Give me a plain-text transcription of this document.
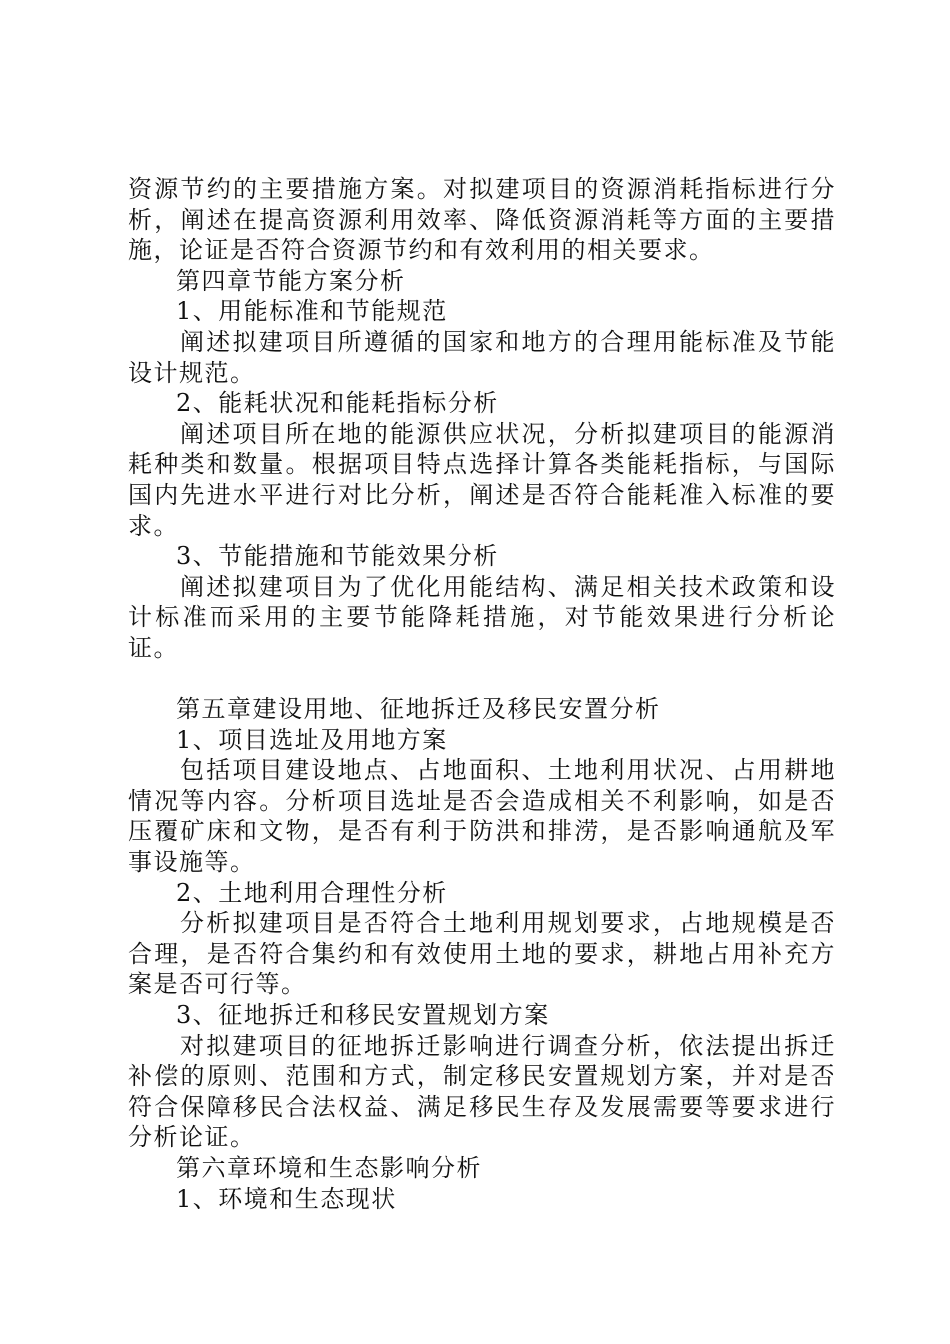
资源节约的主要措施方案。对拟建项目的资源消耗指标进行分析，阐述在提高资源利用效率、降低资源消耗等方面的主要措施，论证是否符合资源节约和有效利用的相关要求。

第四章节能方案分析

1、用能标准和节能规范

阐述拟建项目所遵循的国家和地方的合理用能标准及节能设计规范。

2、能耗状况和能耗指标分析

阐述项目所在地的能源供应状况，分析拟建项目的能源消耗种类和数量。根据项目特点选择计算各类能耗指标，与国际国内先进水平进行对比分析，阐述是否符合能耗准入标准的要求。

3、节能措施和节能效果分析

阐述拟建项目为了优化用能结构、满足相关技术政策和设计标准而采用的主要节能降耗措施，对节能效果进行分析论证。

第五章建设用地、征地拆迁及移民安置分析

1、项目选址及用地方案

包括项目建设地点、占地面积、土地利用状况、占用耕地情况等内容。分析项目选址是否会造成相关不利影响，如是否压覆矿床和文物，是否有利于防洪和排涝，是否影响通航及军事设施等。

2、土地利用合理性分析

分析拟建项目是否符合土地利用规划要求，占地规模是否合理，是否符合集约和有效使用土地的要求，耕地占用补充方案是否可行等。

3、征地拆迁和移民安置规划方案

对拟建项目的征地拆迁影响进行调查分析，依法提出拆迁补偿的原则、范围和方式，制定移民安置规划方案，并对是否符合保障移民合法权益、满足移民生存及发展需要等要求进行分析论证。

第六章环境和生态影响分析

1、环境和生态现状
